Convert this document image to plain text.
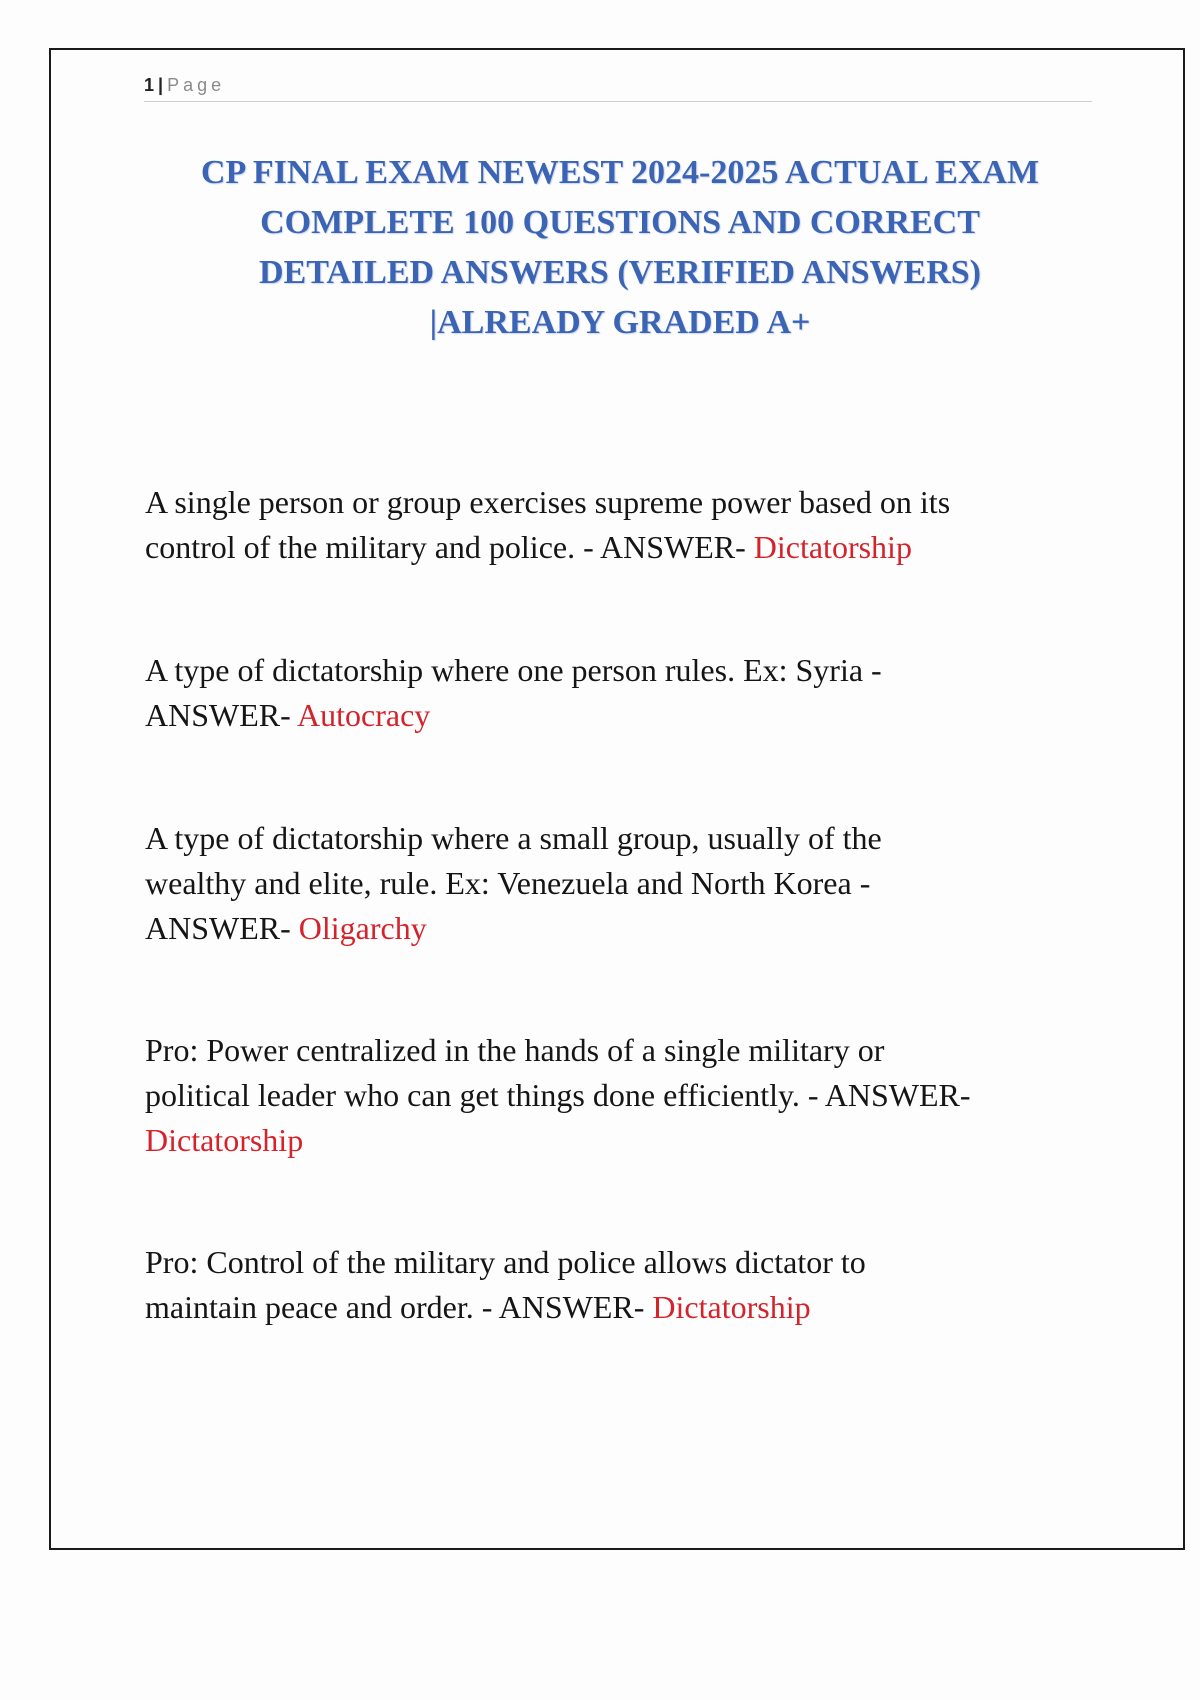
1 | Page
CP FINAL EXAM NEWEST 2024-2025 ACTUAL EXAM
COMPLETE 100 QUESTIONS AND CORRECT
DETAILED ANSWERS (VERIFIED ANSWERS)
|ALREADY GRADED A+
A single person or group exercises supreme power based on its
control of the military and police. - ANSWER- Dictatorship
A type of dictatorship where one person rules. Ex: Syria -
ANSWER- Autocracy
A type of dictatorship where a small group, usually of the
wealthy and elite, rule. Ex: Venezuela and North Korea -
ANSWER- Oligarchy
Pro: Power centralized in the hands of a single military or
political leader who can get things done efficiently. - ANSWER-
Dictatorship
Pro: Control of the military and police allows dictator to
maintain peace and order. - ANSWER- Dictatorship
